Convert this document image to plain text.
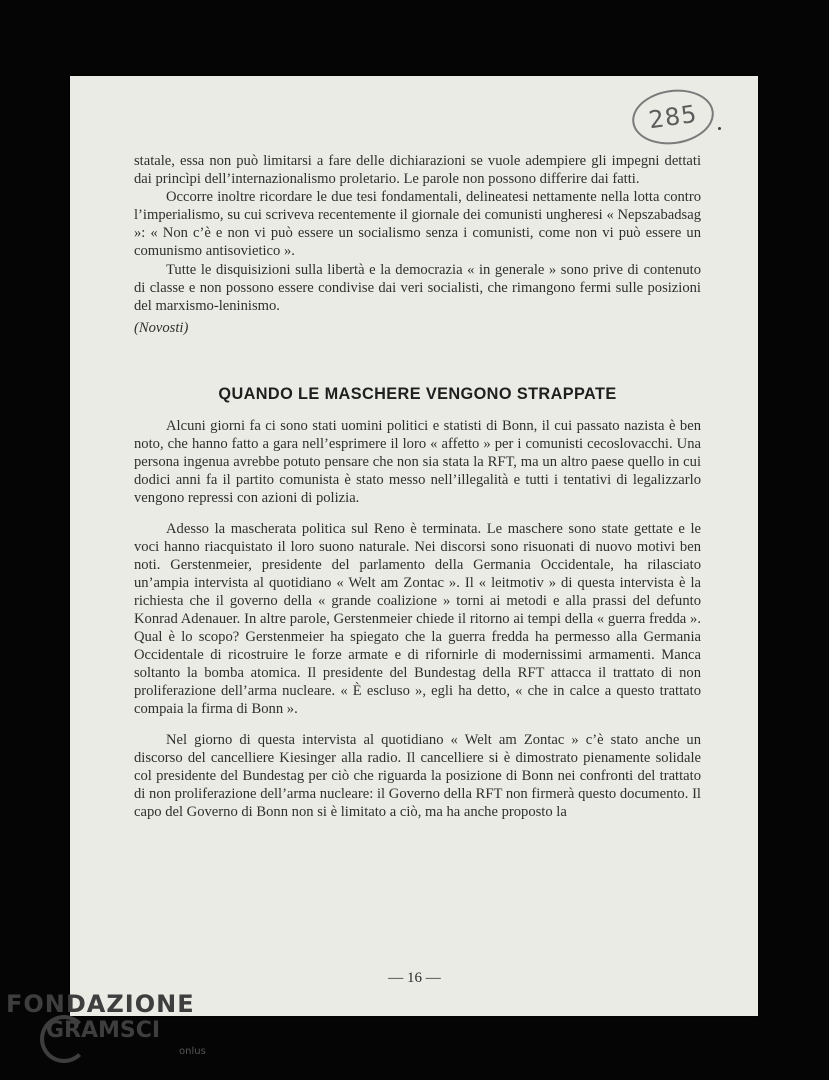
285

statale, essa non può limitarsi a fare delle dichiarazioni se vuole adempiere gli impegni dettati dai princìpi dell’internazionalismo proletario. Le parole non possono differire dai fatti.

Occorre inoltre ricordare le due tesi fondamentali, delineatesi nettamente nella lotta contro l’imperialismo, su cui scriveva recentemente il giornale dei comunisti ungheresi « Nepszabadsag »: « Non c’è e non vi può essere un socialismo senza i comunisti, come non vi può essere un comunismo antisovietico ».

Tutte le disquisizioni sulla libertà e la democrazia « in generale » sono prive di contenuto di classe e non possono essere condivise dai veri socialisti, che rimangono fermi sulle posizioni del marxismo-leninismo.

(Novosti)

QUANDO LE MASCHERE VENGONO STRAPPATE

Alcuni giorni fa ci sono stati uomini politici e statisti di Bonn, il cui passato nazista è ben noto, che hanno fatto a gara nell’esprimere il loro « affetto » per i comunisti cecoslovacchi. Una persona ingenua avrebbe potuto pensare che non sia stata la RFT, ma un altro paese quello in cui dodici anni fa il partito comunista è stato messo nell’illegalità e tutti i tentativi di legalizzarlo vengono repressi con azioni di polizia.

Adesso la mascherata politica sul Reno è terminata. Le maschere sono state gettate e le voci hanno riacquistato il loro suono naturale. Nei discorsi sono risuonati di nuovo motivi ben noti. Gerstenmeier, presidente del parlamento della Germania Occidentale, ha rilasciato un’ampia intervista al quotidiano « Welt am Zontac ». Il « leitmotiv » di questa intervista è la richiesta che il governo della « grande coalizione » torni ai metodi e alla prassi del defunto Konrad Adenauer. In altre parole, Gerstenmeier chiede il ritorno ai tempi della « guerra fredda ». Qual è lo scopo? Gerstenmeier ha spiegato che la guerra fredda ha permesso alla Germania Occidentale di ricostruire le forze armate e di rifornirle di modernissimi armamenti. Manca soltanto la bomba atomica. Il presidente del Bundestag della RFT attacca il trattato di non proliferazione dell’arma nucleare. « È escluso », egli ha detto, « che in calce a questo trattato compaia la firma di Bonn ».

Nel giorno di questa intervista al quotidiano « Welt am Zontac » c’è stato anche un discorso del cancelliere Kiesinger alla radio. Il cancelliere si è dimostrato pienamente solidale col presidente del Bundestag per ciò che riguarda la posizione di Bonn nei confronti del trattato di non proliferazione dell’arma nucleare: il Governo della RFT non firmerà questo documento. Il capo del Governo di Bonn non si è limitato a ciò, ma ha anche proposto la

— 16 —
FONDAZIONE
GRAMSCI
onlus
